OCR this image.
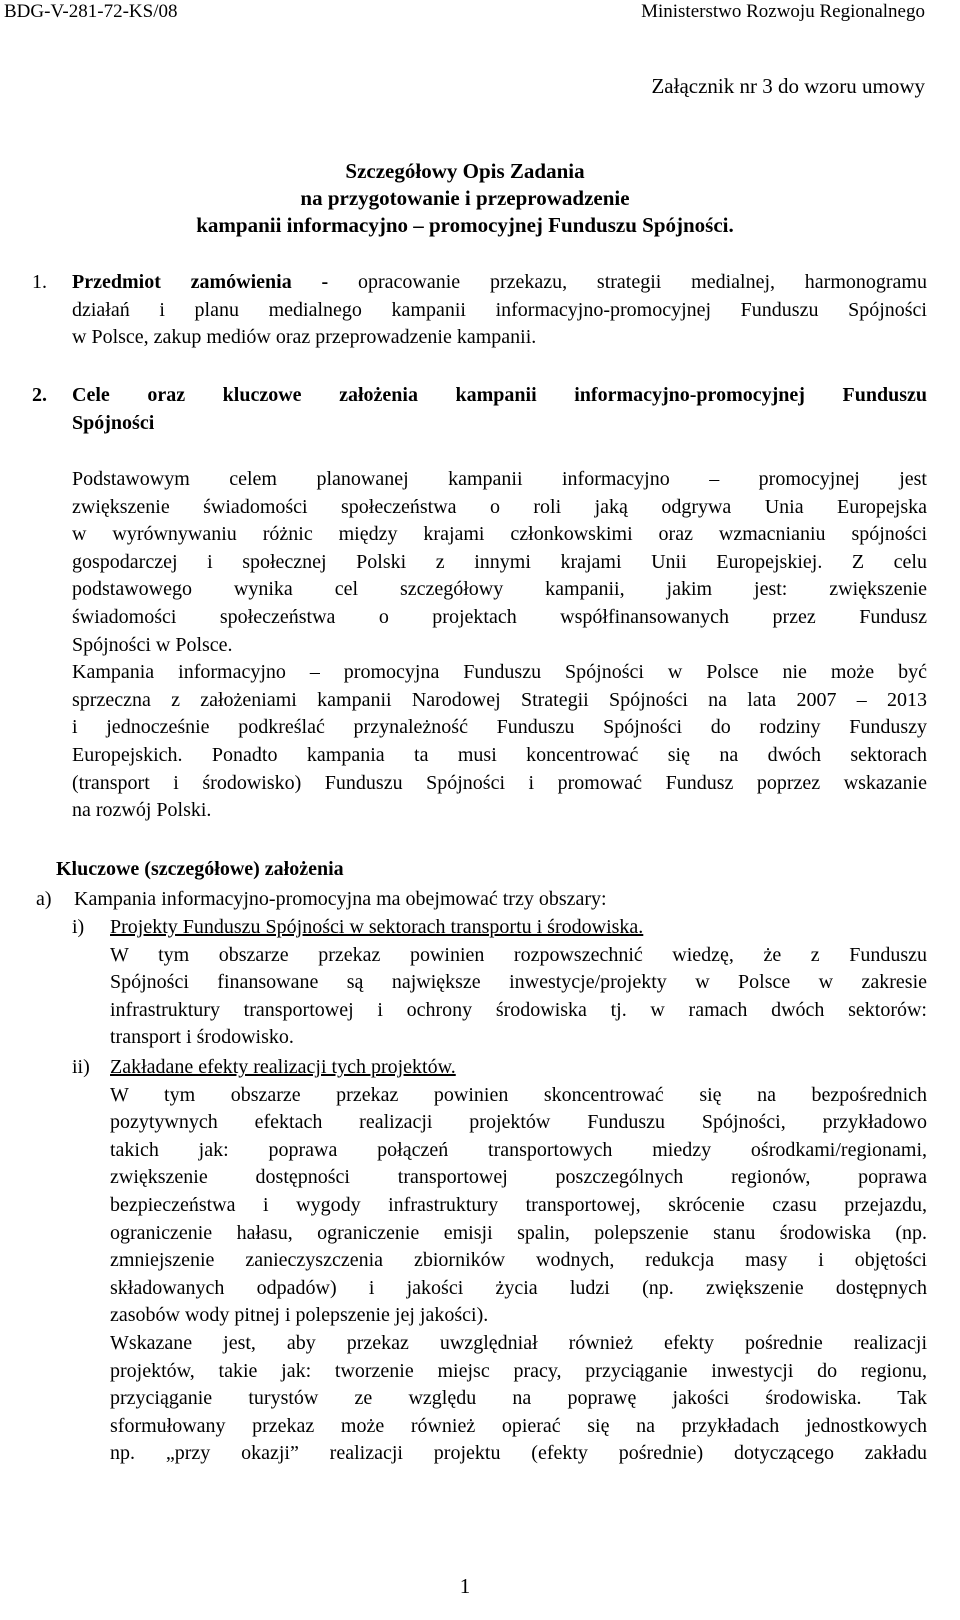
BDG-V-281-72-KS/08	Ministerstwo Rozwoju Regionalnego
Załącznik nr 3 do wzoru umowy
Szczegółowy Opis Zadania
na przygotowanie i przeprowadzenie
kampanii informacyjno – promocyjnej Funduszu Spójności.
1. Przedmiot zamówienia - opracowanie przekazu, strategii medialnej, harmonogramu
działań i planu medialnego kampanii informacyjno-promocyjnej Funduszu Spójności
w Polsce, zakup mediów oraz przeprowadzenie kampanii.
2. Cele oraz kluczowe założenia kampanii informacyjno-promocyjnej Funduszu
Spójności
Podstawowym celem planowanej kampanii informacyjno – promocyjnej jest
zwiększenie świadomości społeczeństwa o roli jaką odgrywa Unia Europejska
w wyrównywaniu różnic między krajami członkowskimi oraz wzmacnianiu spójności
gospodarczej i społecznej Polski z innymi krajami Unii Europejskiej. Z celu
podstawowego wynika cel szczegółowy kampanii, jakim jest: zwiększenie
świadomości społeczeństwa o projektach współfinansowanych przez Fundusz
Spójności w Polsce.
Kampania informacyjno – promocyjna Funduszu Spójności w Polsce nie może być
sprzeczna z założeniami kampanii Narodowej Strategii Spójności na lata 2007 – 2013
i jednocześnie podkreślać przynależność Funduszu Spójności do rodziny Funduszy
Europejskich. Ponadto kampania ta musi koncentrować się na dwóch sektorach
(transport i środowisko) Funduszu Spójności i promować Fundusz poprzez wskazanie
na rozwój Polski.
Kluczowe (szczegółowe) założenia
a) Kampania informacyjno-promocyjna ma obejmować trzy obszary:
i) Projekty Funduszu Spójności w sektorach transportu i środowiska.
W tym obszarze przekaz powinien rozpowszechnić wiedzę, że z Funduszu
Spójności finansowane są największe inwestycje/projekty w Polsce w zakresie
infrastruktury transportowej i ochrony środowiska tj. w ramach dwóch sektorów:
transport i środowisko.
ii) Zakładane efekty realizacji tych projektów.
W tym obszarze przekaz powinien skoncentrować się na bezpośrednich
pozytywnych efektach realizacji projektów Funduszu Spójności, przykładowo
takich jak: poprawa połączeń transportowych miedzy ośrodkami/regionami,
zwiększenie dostępności transportowej poszczególnych regionów, poprawa
bezpieczeństwa i wygody infrastruktury transportowej, skrócenie czasu przejazdu,
ograniczenie hałasu, ograniczenie emisji spalin, polepszenie stanu środowiska (np.
zmniejszenie zanieczyszczenia zbiorników wodnych, redukcja masy i objętości
składowanych odpadów) i jakości życia ludzi (np. zwiększenie dostępnych
zasobów wody pitnej i polepszenie jej jakości).
Wskazane jest, aby przekaz uwzględniał również efekty pośrednie realizacji
projektów, takie jak: tworzenie miejsc pracy, przyciąganie inwestycji do regionu,
przyciąganie turystów ze względu na poprawę jakości środowiska. Tak
sformułowany przekaz może również opierać się na przykładach jednostkowych
np. „przy okazji” realizacji projektu (efekty pośrednie) dotyczącego zakładu
1
